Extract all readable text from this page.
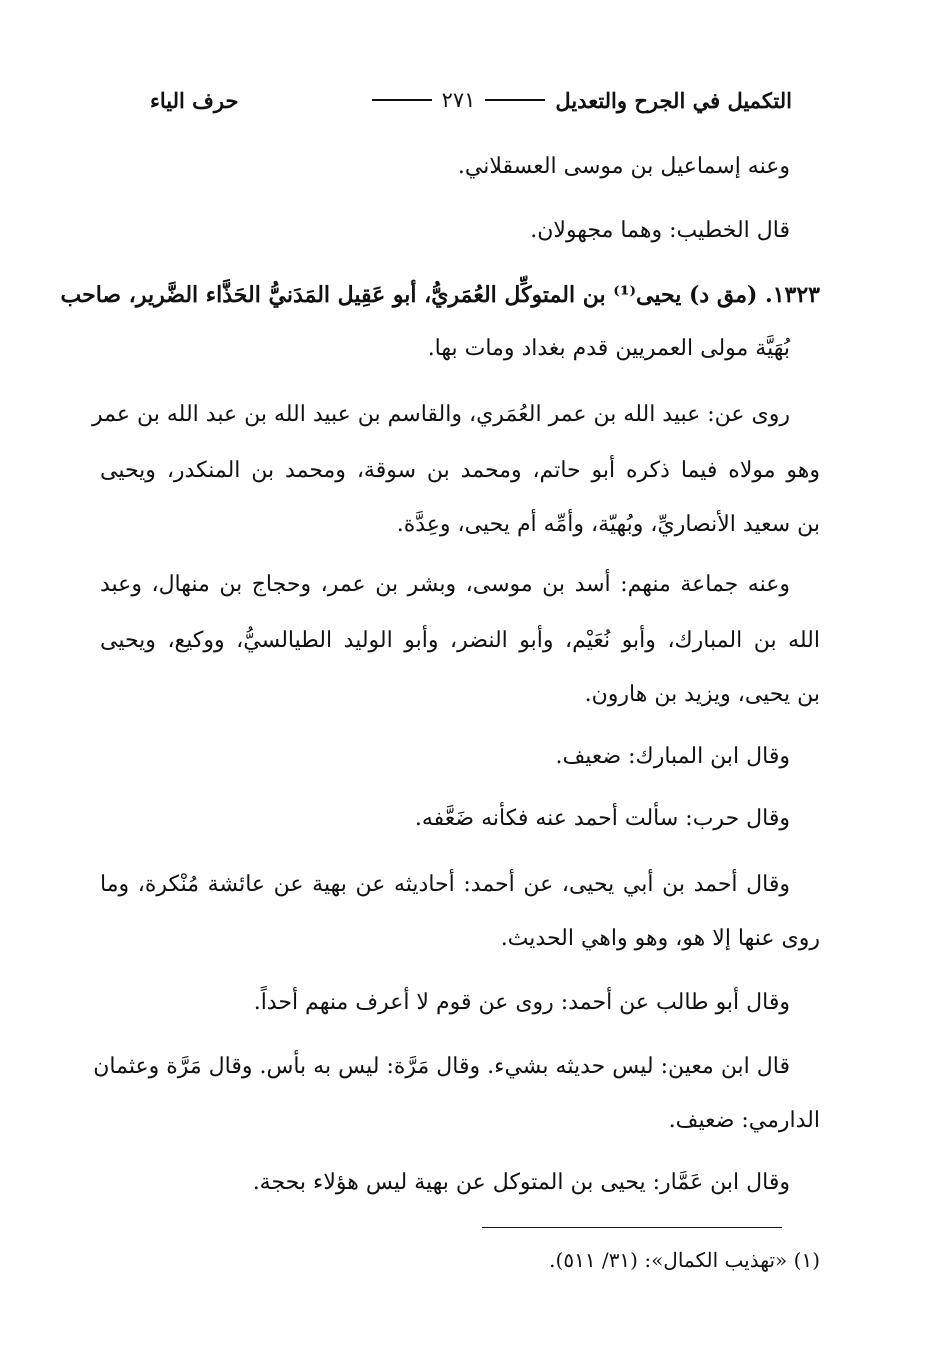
التكميل في الجرح والتعديل
٢٧١
حرف الياء
وعنه إسماعيل بن موسى العسقلاني.
قال الخطيب: وهما مجهولان.
١٣٢٣. (مق د) يحيى⁽¹⁾ بن المتوكِّل العُمَريُّ، أبو عَقِيل المَدَنيُّ الحَذَّاء الضَّرير، صاحب
بُهَيَّة مولى العمريين قدم بغداد ومات بها.
روى عن: عبيد الله بن عمر العُمَري، والقاسم بن عبيد الله بن عبد الله بن عمر
وهو مولاه فيما ذكره أبو حاتم، ومحمد بن سوقة، ومحمد بن المنكدر، ويحيى
بن سعيد الأنصاريِّ، وبُهيّة، وأمِّه أم يحيى، وعِدَّة.
وعنه جماعة منهم: أسد بن موسى، وبشر بن عمر، وحجاج بن منهال، وعبد
الله بن المبارك، وأبو نُعَيْم، وأبو النضر، وأبو الوليد الطيالسيُّ، ووكيع، ويحيى
بن يحيى، ويزيد بن هارون.
وقال ابن المبارك: ضعيف.
وقال حرب: سألت أحمد عنه فكأنه ضَعَّفه.
وقال أحمد بن أبي يحيى، عن أحمد: أحاديثه عن بهية عن عائشة مُنْكرة، وما
روى عنها إلا هو، وهو واهي الحديث.
وقال أبو طالب عن أحمد: روى عن قوم لا أعرف منهم أحداً.
قال ابن معين: ليس حديثه بشيء. وقال مَرَّة: ليس به بأس. وقال مَرَّة وعثمان
الدارمي: ضعيف.
وقال ابن عَمَّار: يحيى بن المتوكل عن بهية ليس هؤلاء بحجة.
(١) «تهذيب الكمال»: (٣١/ ٥١١).
